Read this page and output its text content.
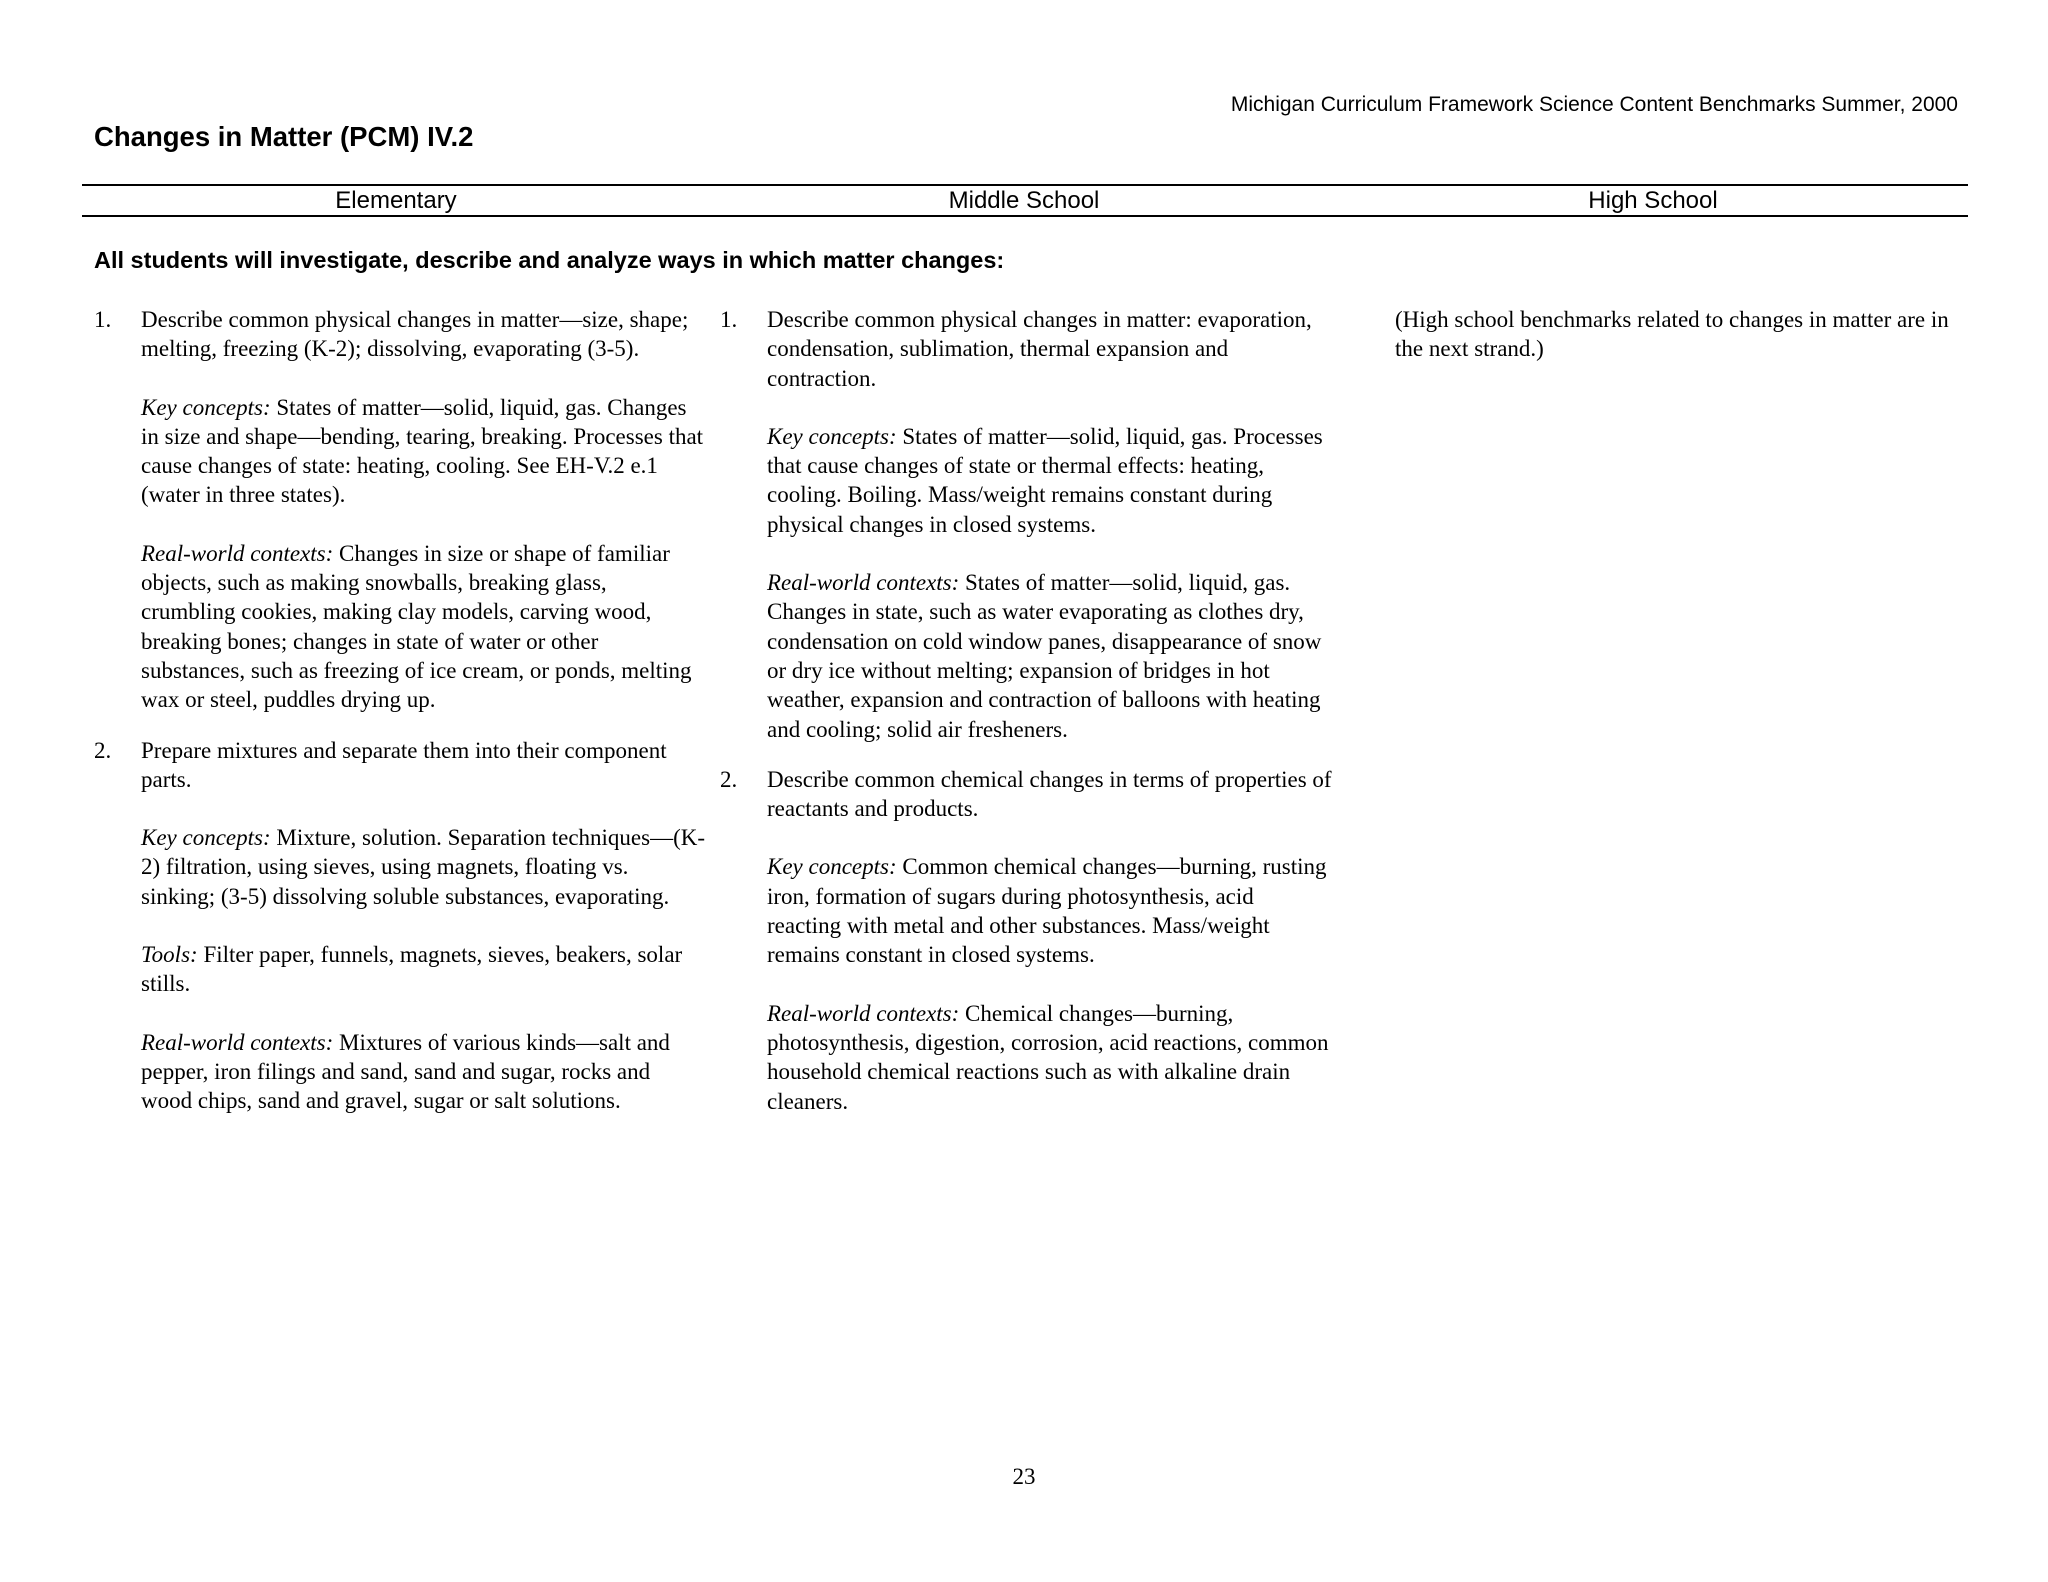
Michigan Curriculum Framework Science Content Benchmarks Summer, 2000
Changes in Matter (PCM) IV.2
Elementary	Middle School	High School
All students will investigate, describe and analyze ways in which matter changes:
1. Describe common physical changes in matter—size, shape; melting, freezing (K-2); dissolving, evaporating (3-5).

Key concepts: States of matter—solid, liquid, gas. Changes in size and shape—bending, tearing, breaking. Processes that cause changes of state: heating, cooling. See EH-V.2 e.1 (water in three states).

Real-world contexts: Changes in size or shape of familiar objects, such as making snowballs, breaking glass, crumbling cookies, making clay models, carving wood, breaking bones; changes in state of water or other substances, such as freezing of ice cream, or ponds, melting wax or steel, puddles drying up.

2. Prepare mixtures and separate them into their component parts.

Key concepts: Mixture, solution. Separation techniques—(K-2) filtration, using sieves, using magnets, floating vs. sinking; (3-5) dissolving soluble substances, evaporating.

Tools: Filter paper, funnels, magnets, sieves, beakers, solar stills.

Real-world contexts: Mixtures of various kinds—salt and pepper, iron filings and sand, sand and sugar, rocks and wood chips, sand and gravel, sugar or salt solutions.

1. Describe common physical changes in matter: evaporation, condensation, sublimation, thermal expansion and contraction.

Key concepts: States of matter—solid, liquid, gas. Processes that cause changes of state or thermal effects: heating, cooling. Boiling. Mass/weight remains constant during physical changes in closed systems.

Real-world contexts: States of matter—solid, liquid, gas. Changes in state, such as water evaporating as clothes dry, condensation on cold window panes, disappearance of snow or dry ice without melting; expansion of bridges in hot weather, expansion and contraction of balloons with heating and cooling; solid air fresheners.

2. Describe common chemical changes in terms of properties of reactants and products.

Key concepts: Common chemical changes—burning, rusting iron, formation of sugars during photosynthesis, acid reacting with metal and other substances. Mass/weight remains constant in closed systems.

Real-world contexts: Chemical changes—burning, photosynthesis, digestion, corrosion, acid reactions, common household chemical reactions such as with alkaline drain cleaners.

(High school benchmarks related to changes in matter are in the next strand.)

23
